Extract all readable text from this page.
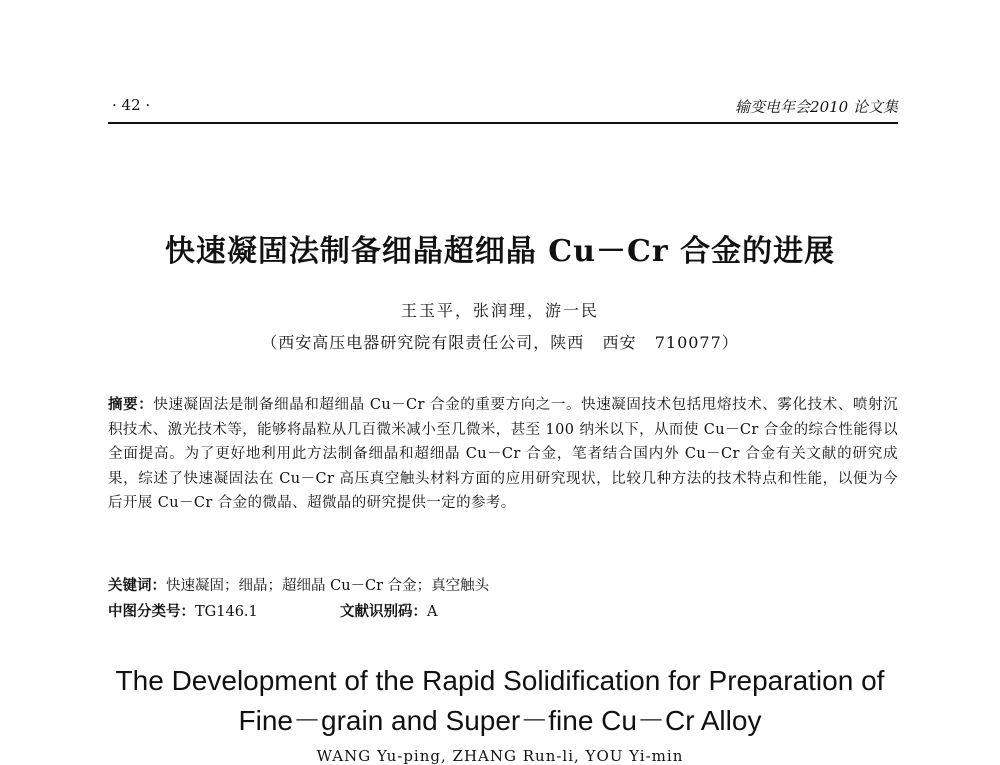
· 42 ·	输变电年会2010 论文集
快速凝固法制备细晶超细晶 Cu－Cr 合金的进展
王玉平，张润理，游一民
（西安高压电器研究院有限责任公司，陕西   西安   710077）
摘要：快速凝固法是制备细晶和超细晶 Cu－Cr 合金的重要方向之一。快速凝固技术包括甩熔技术、雾化技术、喷射沉积技术、激光技术等，能够将晶粒从几百微米减小至几微米，甚至 100 纳米以下，从而使 Cu－Cr 合金的综合性能得以全面提高。为了更好地利用此方法制备细晶和超细晶 Cu－Cr 合金，笔者结合国内外 Cu－Cr 合金有关文献的研究成果，综述了快速凝固法在 Cu－Cr 高压真空触头材料方面的应用研究现状，比较几种方法的技术特点和性能，以便为今后开展 Cu－Cr 合金的微晶、超微晶的研究提供一定的参考。
关键词：快速凝固；细晶；超细晶 Cu－Cr 合金；真空触头
中图分类号：TG146.1	文献识别码：A
The Development of the Rapid Solidification for Preparation of
Fine－grain and Super－fine Cu－Cr Alloy
WANG Yu-ping, ZHANG Run-li, YOU Yi-min
